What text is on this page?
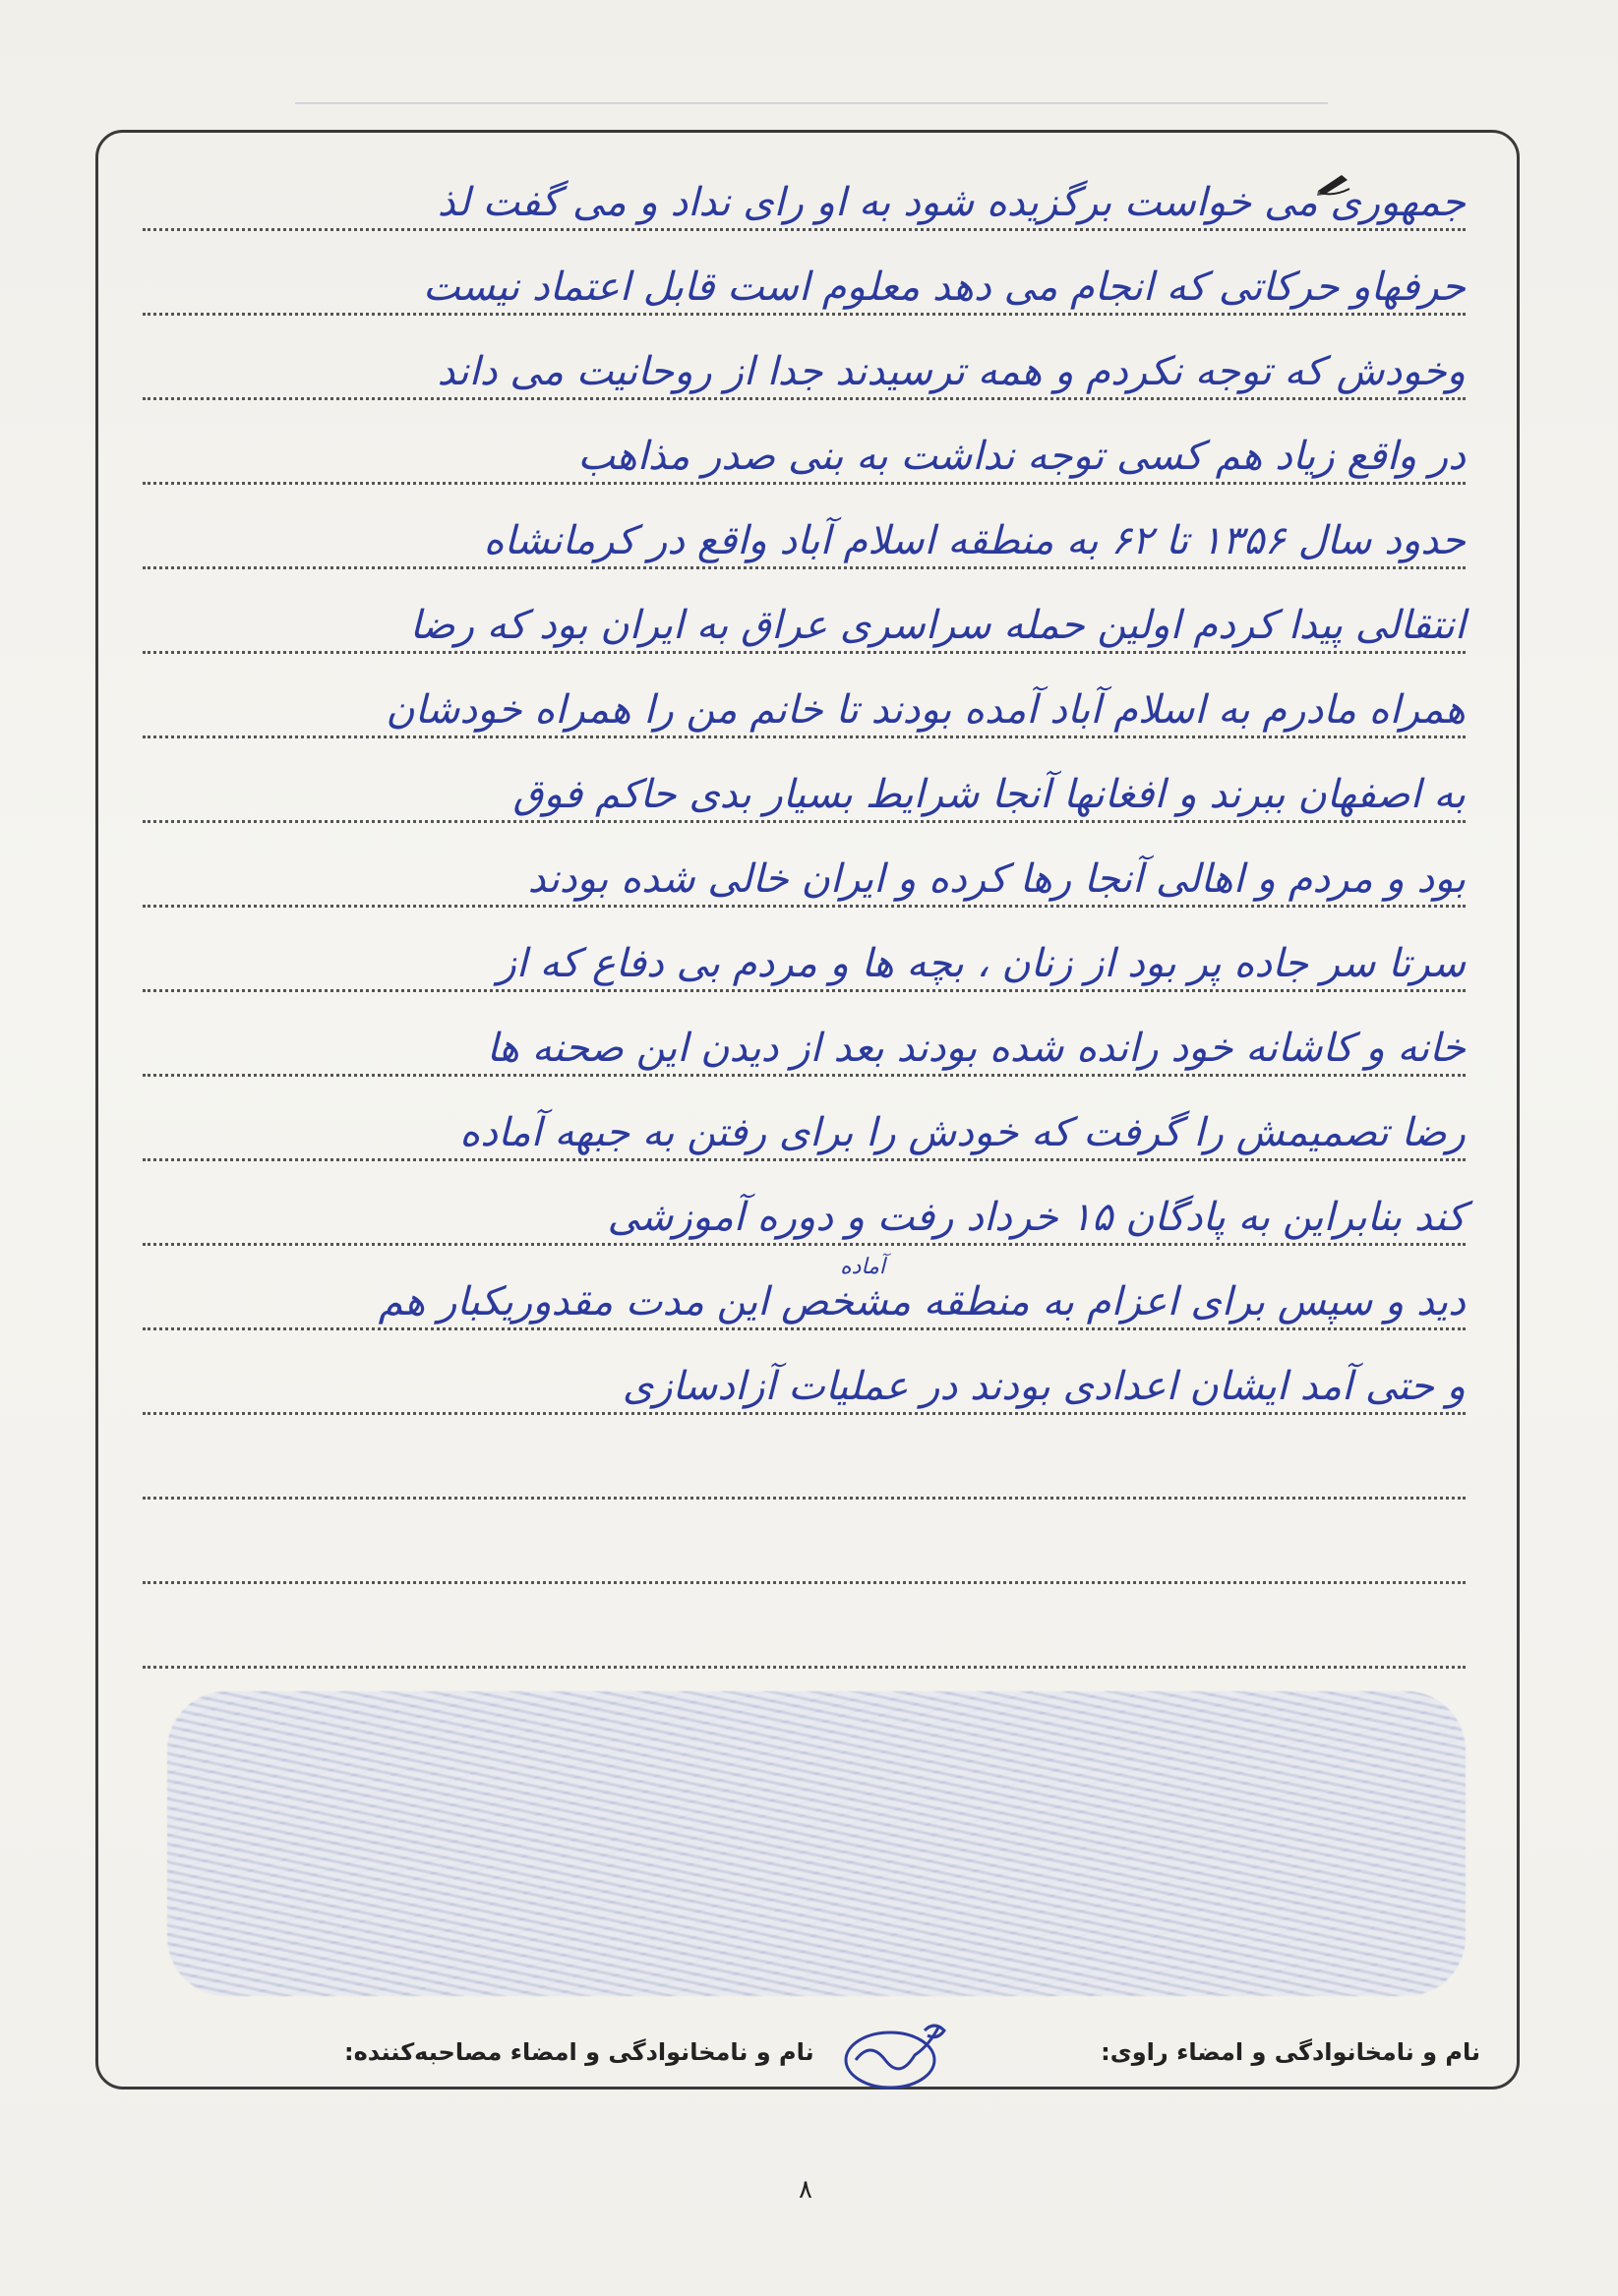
جمهوری می خواست برگزیده شود به او رای نداد و می گفت لذ
حرفهاو حرکاتی که انجام می دهد معلوم است قابل اعتماد نیست
وخودش که توجه نکردم و همه ترسیدند جدا از روحانیت می داند
در واقع زیاد هم کسی توجه نداشت به بنی صدر مذاهب
حدود سال ۱۳۵۶ تا ۶۲ به منطقه اسلام آباد واقع در کرمانشاه
انتقالی پیدا کردم اولین حمله سراسری عراق به ایران بود که رضا
همراه مادرم به اسلام آباد آمده بودند تا خانم من را همراه خودشان
به اصفهان ببرند و افغانها آنجا شرایط بسیار بدی حاکم فوق
بود و مردم و اهالی آنجا رها کرده و ایران خالی شده بودند
سرتا سر جاده پر بود از زنان ، بچه ها و مردم بی دفاع که از
خانه و کاشانه خود رانده شده بودند بعد از دیدن این صحنه ها
رضا تصمیمش را گرفت که خودش را برای رفتن به جبهه آماده
کند بنابراین به پادگان ۱۵ خرداد رفت و دوره آموزشی
دید و سپس برای اعزام به منطقه مشخص این مدت مقدوریکبار هم
آماده
و حتی آمد ایشان اعدادی بودند در عملیات آزادسازی
نام و نامخانوادگی و امضاء راوی:
نام و نامخانوادگی و امضاء مصاحبه‌کننده:
۸
